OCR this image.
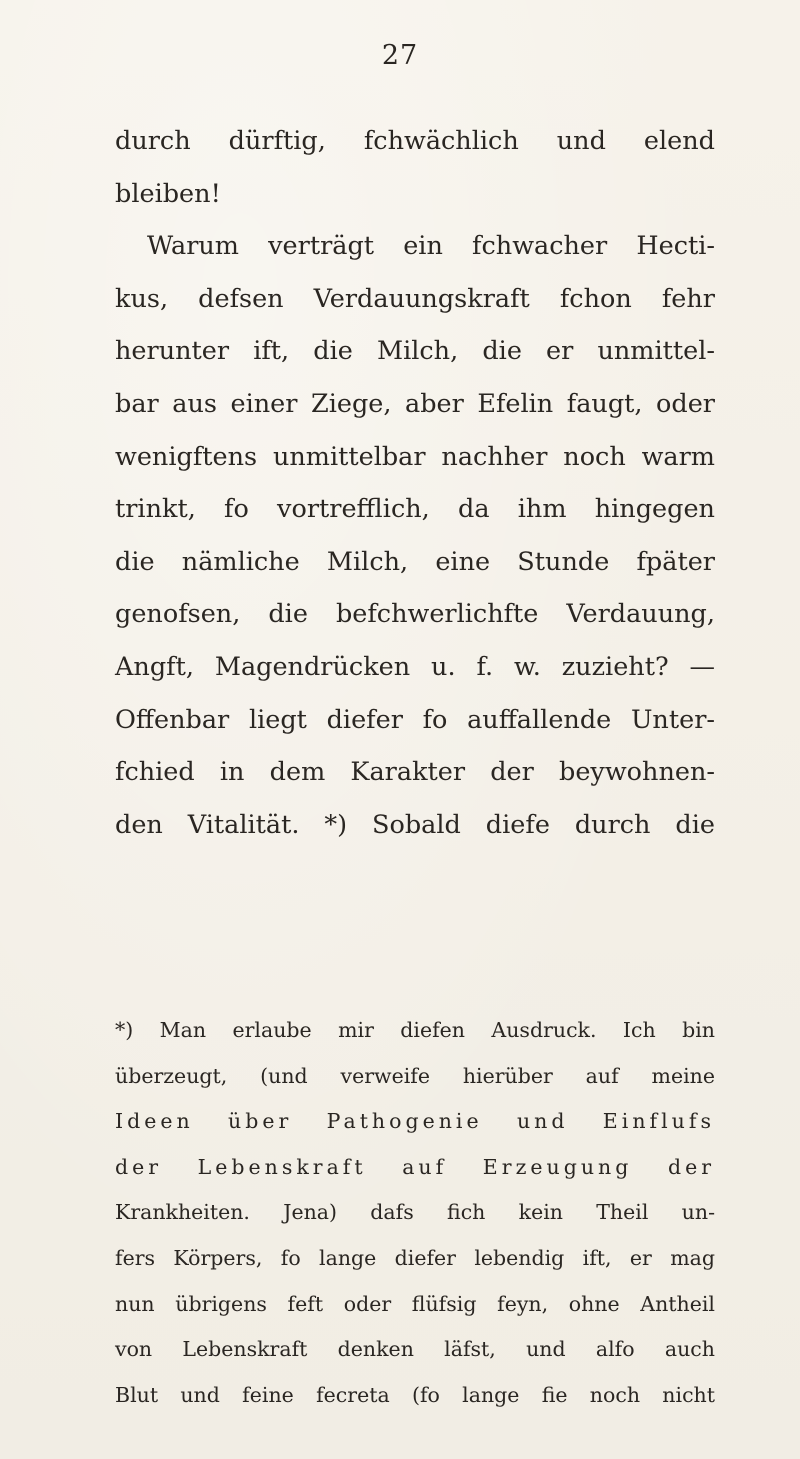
27
durch dürftig, fchwächlich und elend
bleiben!
Warum verträgt ein fchwacher Hecti-
kus, defsen Verdauungskraft fchon fehr
herunter ift, die Milch, die er unmittel-
bar aus einer Ziege, aber Efelin faugt, oder
wenigftens unmittelbar nachher noch warm
trinkt, fo vortrefflich, da ihm hingegen
die nämliche Milch, eine Stunde fpäter
genofsen, die befchwerlichfte Verdauung,
Angft, Magendrücken u. f. w. zuzieht? —
Offenbar liegt diefer fo auffallende Unter-
fchied in dem Karakter der beywohnen-
den Vitalität. *) Sobald diefe durch die
*) Man erlaube mir diefen Ausdruck. Ich bin
überzeugt, (und verweife hierüber auf meine
Ideen über Pathogenie und Einflufs
der Lebenskraft auf Erzeugung der
Krankheiten. Jena) dafs fich kein Theil un-
fers Körpers, fo lange diefer lebendig ift, er mag
nun übrigens feft oder flüfsig feyn, ohne Antheil
von Lebenskraft denken läfst, und alfo auch
Blut und feine fecreta (fo lange fie noch nicht
